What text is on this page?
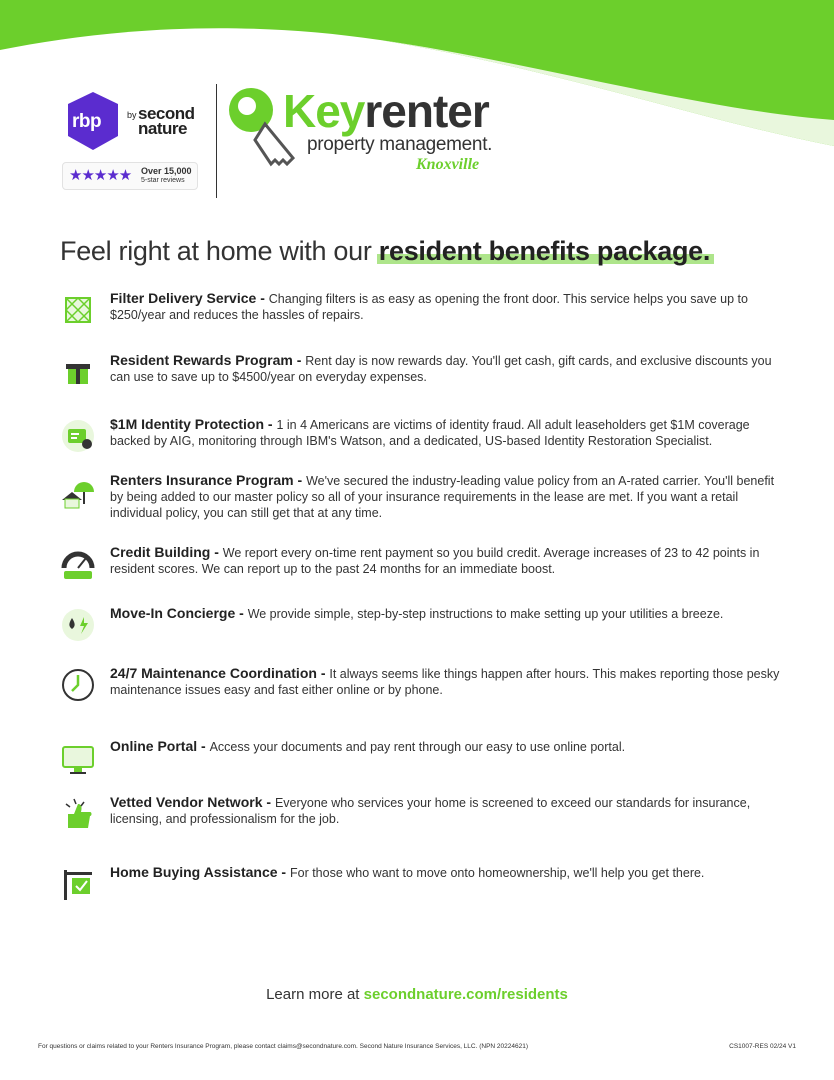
rbp	by second
nature
★★★★★ Over 15,000
5-star reviews
Keyrenter
property management.
Knoxville
Feel right at home with our resident benefits package.
Filter Delivery Service - Changing filters is as easy as opening the front door. This service helps you save up to $250/year and reduces the hassles of repairs.
Resident Rewards Program - Rent day is now rewards day. You'll get cash, gift cards, and exclusive discounts you can use to save up to $4500/year on everyday expenses.
$1M Identity Protection - 1 in 4 Americans are victims of identity fraud. All adult leaseholders get $1M coverage backed by AIG, monitoring through IBM's Watson, and a dedicated, US-based Identity Restoration Specialist.
Renters Insurance Program - We've secured the industry-leading value policy from an A-rated carrier. You'll benefit by being added to our master policy so all of your insurance requirements in the lease are met. If you want a retail individual policy, you can still get that at any time.
Credit Building - We report every on-time rent payment so you build credit. Average increases of 23 to 42 points in resident scores. We can report up to the past 24 months for an immediate boost.
Move-In Concierge - We provide simple, step-by-step instructions to make setting up your utilities a breeze.
24/7 Maintenance Coordination - It always seems like things happen after hours. This makes reporting those pesky maintenance issues easy and fast either online or by phone.
Online Portal - Access your documents and pay rent through our easy to use online portal.
Vetted Vendor Network - Everyone who services your home is screened to exceed our standards for insurance, licensing, and professionalism for the job.
Home Buying Assistance - For those who want to move onto homeownership, we'll help you get there.
Learn more at secondnature.com/residents
For questions or claims related to your Renters Insurance Program, please contact claims@secondnature.com. Second Nature Insurance Services, LLC. (NPN 20224621)	CS1007-RES 02/24 V1
